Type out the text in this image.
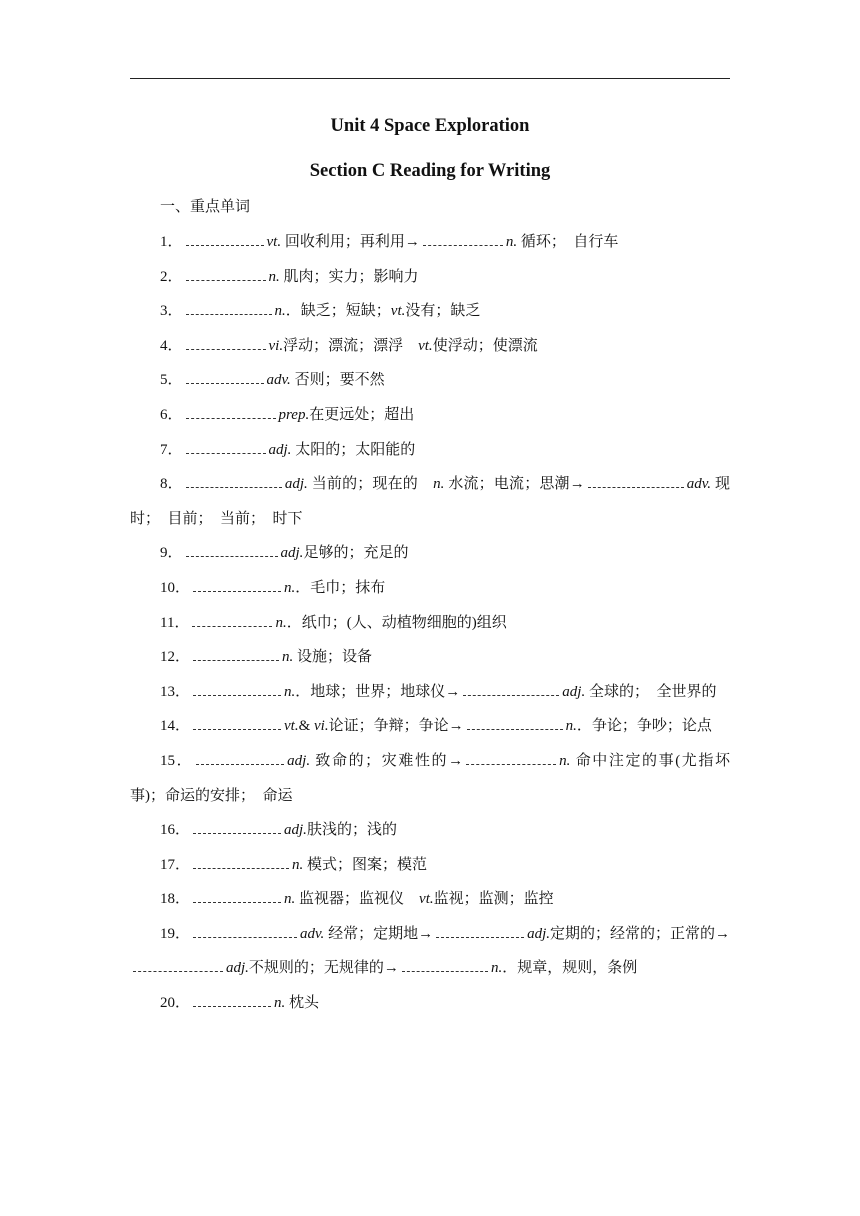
Unit 4 Space Exploration
Section C Reading for Writing
一、重点单词
1．	vt. 回收利用；再利用→	n. 循环；　自行车
2．	n. 肌肉；实力；影响力
3．	n.．缺乏；短缺；vt.没有；缺乏
4．	vi.浮动；漂流；漂浮　vt.使浮动；使漂流
5．	adv. 否则；要不然
6．	prep.在更远处；超出
7．	adj. 太阳的；太阳能的
8．	adj. 当前的；现在的　n. 水流；电流；思潮→	adv. 现时；　目前；　当前；　时下
9．	adj.足够的；充足的
10．	n.．毛巾；抹布
11．	n.．纸巾；(人、动植物细胞的)组织
12．	n. 设施；设备
13．	n.．地球；世界；地球仪→	adj. 全球的；　全世界的
14．	vt.& vi.论证；争辩；争论→	n.．争论；争吵；论点
15．	adj. 致命的；灾难性的→	n. 命中注定的事(尤指坏事)；命运的安排；　命运
16．	adj.肤浅的；浅的
17．	n. 模式；图案；模范
18．	n. 监视器；监视仪　vt.监视；监测；监控
19．	adv. 经常；定期地→	adj.定期的；经常的；正常的→adj.不规则的；无规律的→	n.．规章，规则，条例
20．	n. 枕头
